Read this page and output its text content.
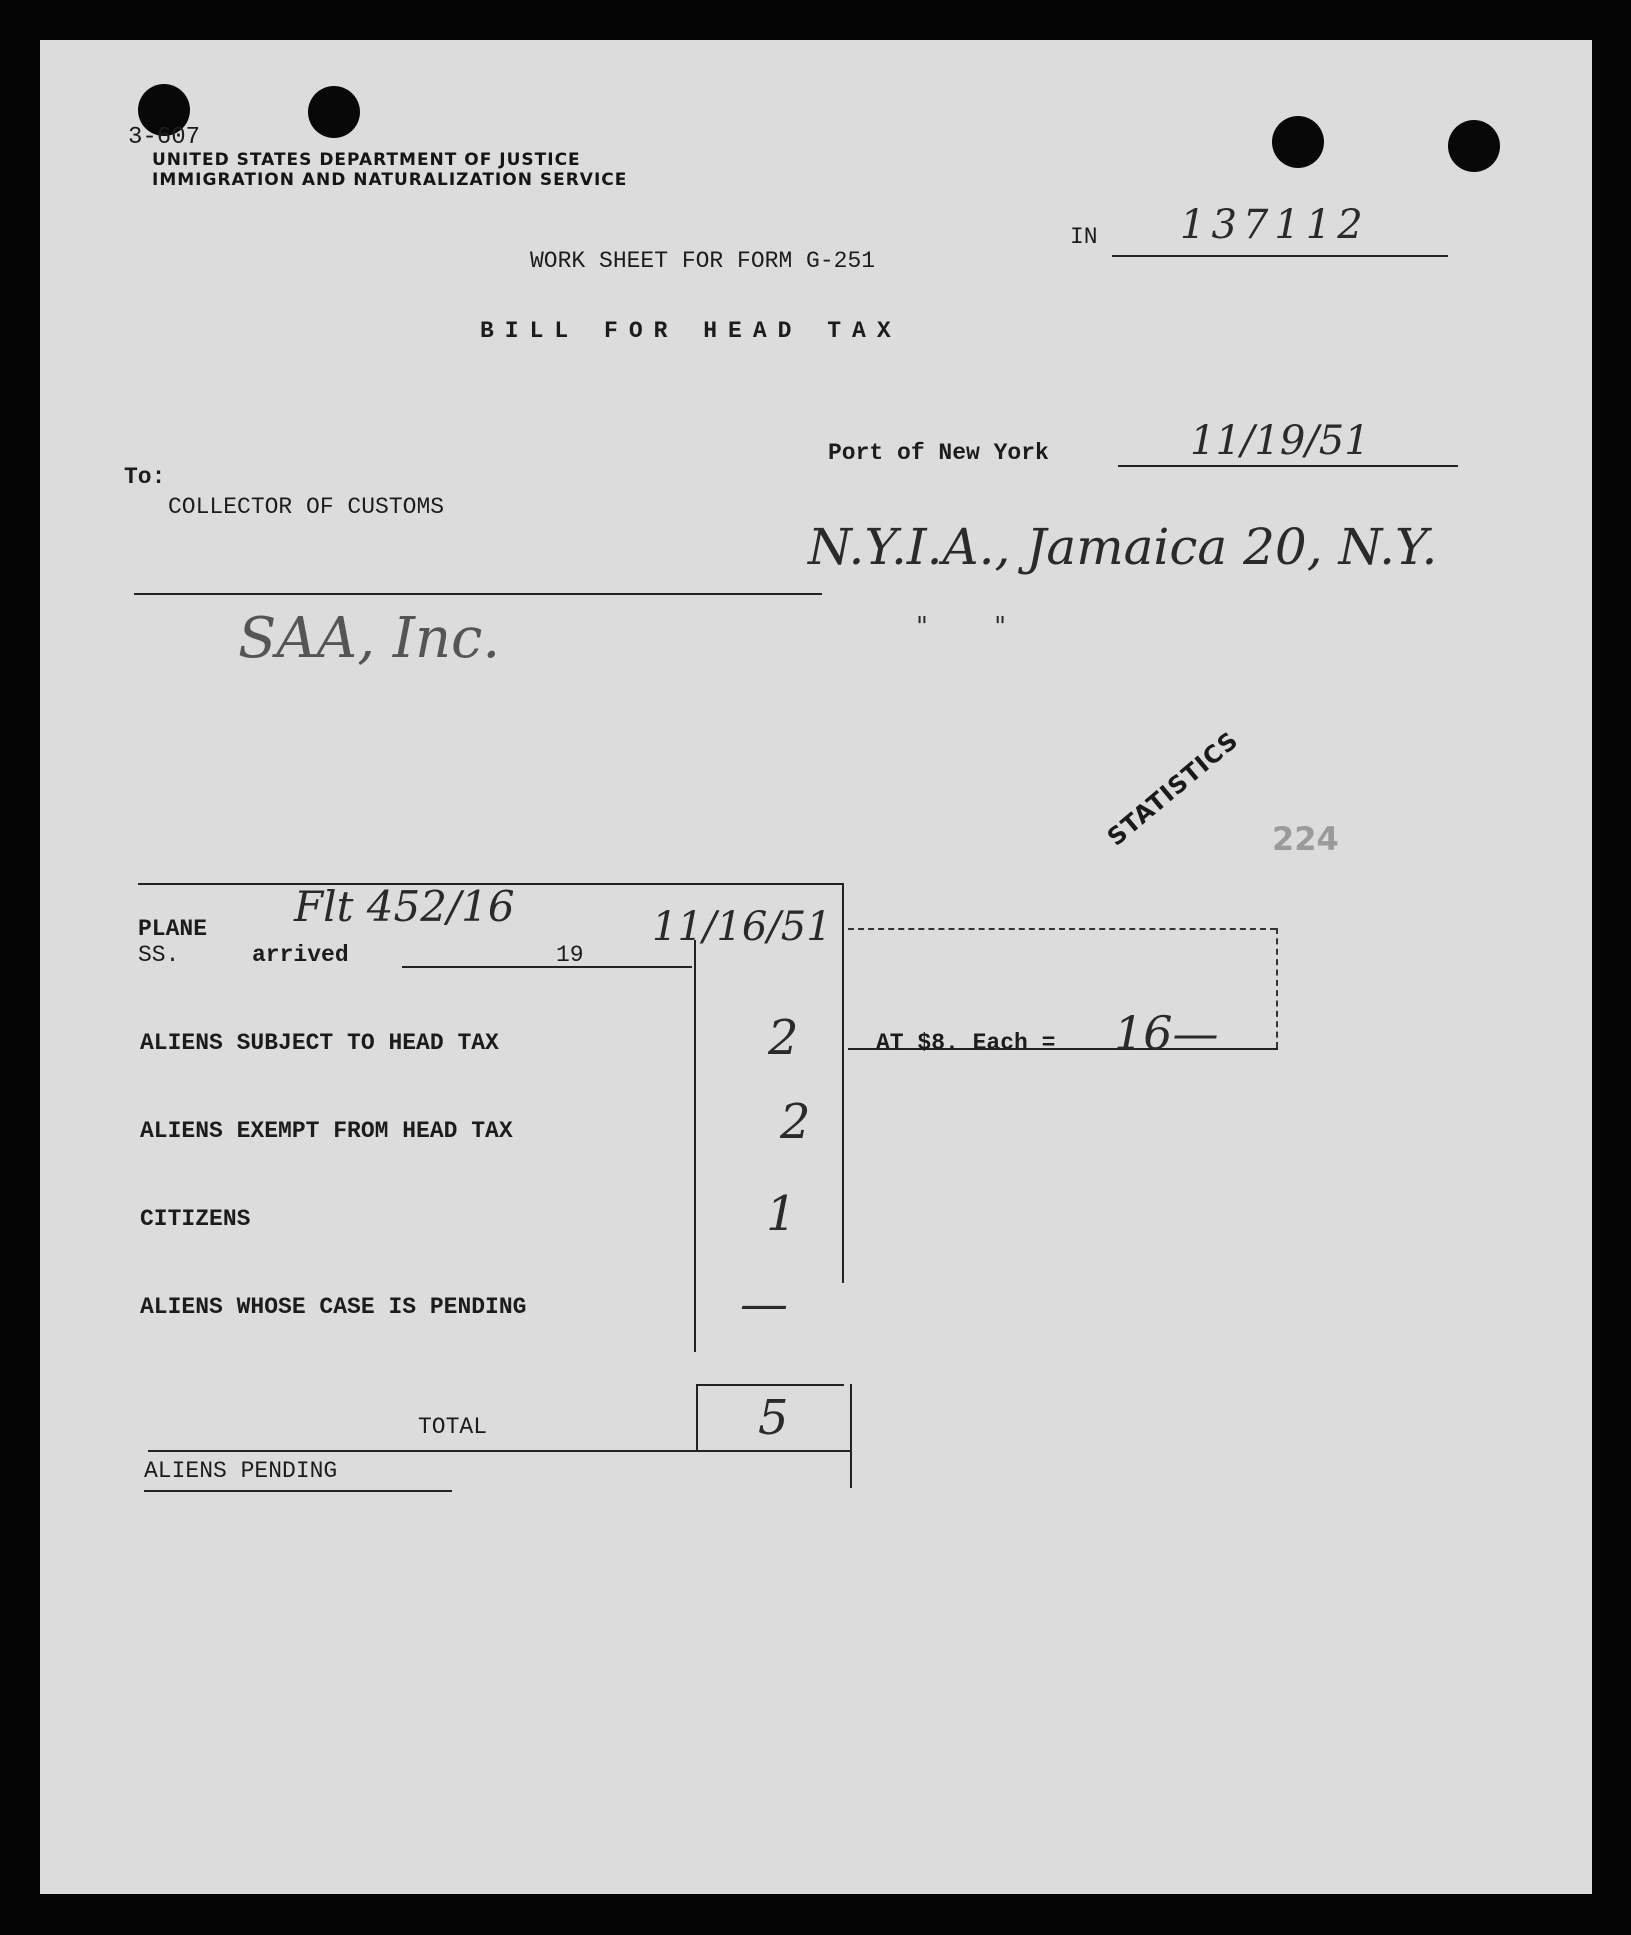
3-607
UNITED STATES DEPARTMENT OF JUSTICE
IMMIGRATION AND NATURALIZATION SERVICE
IN 137112
WORK SHEET FOR FORM G-251
BILL FOR HEAD TAX
Port of New York	11/19/51
To:
COLLECTOR OF CUSTOMS
N.Y.I.A., Jamaica 20, N.Y.
"        "
SAA, Inc.
STATISTICS 224
PLANE
SS.	arrived	19
Flt 452/16	11/16/51
ALIENS SUBJECT TO HEAD TAX	2	AT $8. Each = 16—
ALIENS EXEMPT FROM HEAD TAX	2
CITIZENS	1
ALIENS WHOSE CASE IS PENDING	—
TOTAL	5
ALIENS PENDING
